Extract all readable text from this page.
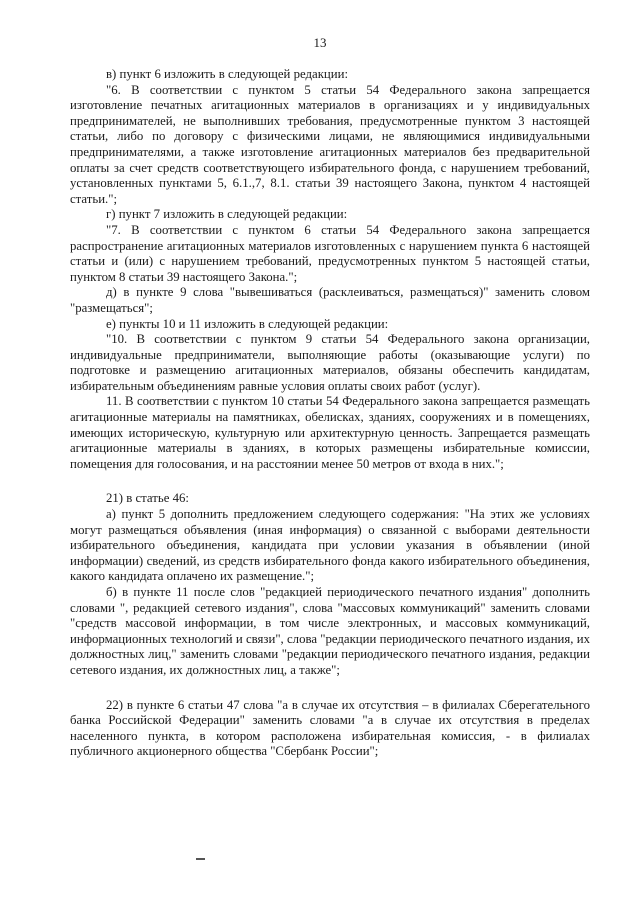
13

в) пункт 6 изложить в следующей редакции:

"6. В соответствии с пунктом 5 статьи 54 Федерального закона запрещается изготовление печатных агитационных материалов в организациях и у индивидуальных предпринимателей, не выполнивших требования, предусмотренные пунктом 3 настоящей статьи, либо по договору с физическими лицами, не являющимися индивидуальными предпринимателями, а также изготовление агитационных материалов без предварительной оплаты за счет средств соответствующего избирательного фонда, с нарушением требований, установленных пунктами 5, 6.1.,7, 8.1. статьи 39 настоящего Закона, пунктом 4 настоящей статьи.";

г) пункт 7 изложить в следующей редакции:

"7. В соответствии с пунктом 6 статьи 54 Федерального закона запрещается распространение агитационных материалов изготовленных с нарушением пункта 6 настоящей статьи и (или) с нарушением требований, предусмотренных пунктом 5 настоящей статьи, пунктом 8 статьи 39 настоящего Закона.";

д) в пункте 9 слова "вывешиваться (расклеиваться, размещаться)" заменить словом "размещаться";

е) пункты 10 и 11 изложить в следующей редакции:

"10. В соответствии с пунктом 9 статьи 54 Федерального закона организации, индивидуальные предприниматели, выполняющие работы (оказывающие услуги) по подготовке и размещению агитационных материалов, обязаны обеспечить кандидатам, избирательным объединениям равные условия оплаты своих работ (услуг).

11. В соответствии с пунктом 10 статьи 54 Федерального закона запрещается размещать агитационные материалы на памятниках, обелисках, зданиях, сооружениях и в помещениях, имеющих историческую, культурную или архитектурную ценность. Запрещается размещать агитационные материалы в зданиях, в которых размещены избирательные комиссии, помещения для голосования, и на расстоянии менее 50 метров от входа в них.";

21) в статье 46:

а) пункт 5 дополнить предложением следующего содержания: "На этих же условиях могут размещаться объявления (иная информация) о связанной с выборами деятельности избирательного объединения, кандидата при условии указания в объявлении (иной информации) сведений, из средств избирательного фонда какого избирательного объединения, какого кандидата оплачено их размещение.";

б) в пункте 11 после слов "редакцией периодического печатного издания" дополнить словами ", редакцией сетевого издания", слова "массовых коммуникаций" заменить словами "средств массовой информации, в том числе электронных, и массовых коммуникаций, информационных технологий и связи", слова "редакции периодического печатного издания, их должностных лиц," заменить словами "редакции периодического печатного издания, редакции сетевого издания, их должностных лиц, а также";

22) в пункте 6 статьи 47 слова "а в случае их отсутствия – в филиалах Сберегательного банка Российской Федерации" заменить словами "а в случае их отсутствия в пределах населенного пункта, в котором расположена избирательная комиссия, - в филиалах публичного акционерного общества "Сбербанк России";
